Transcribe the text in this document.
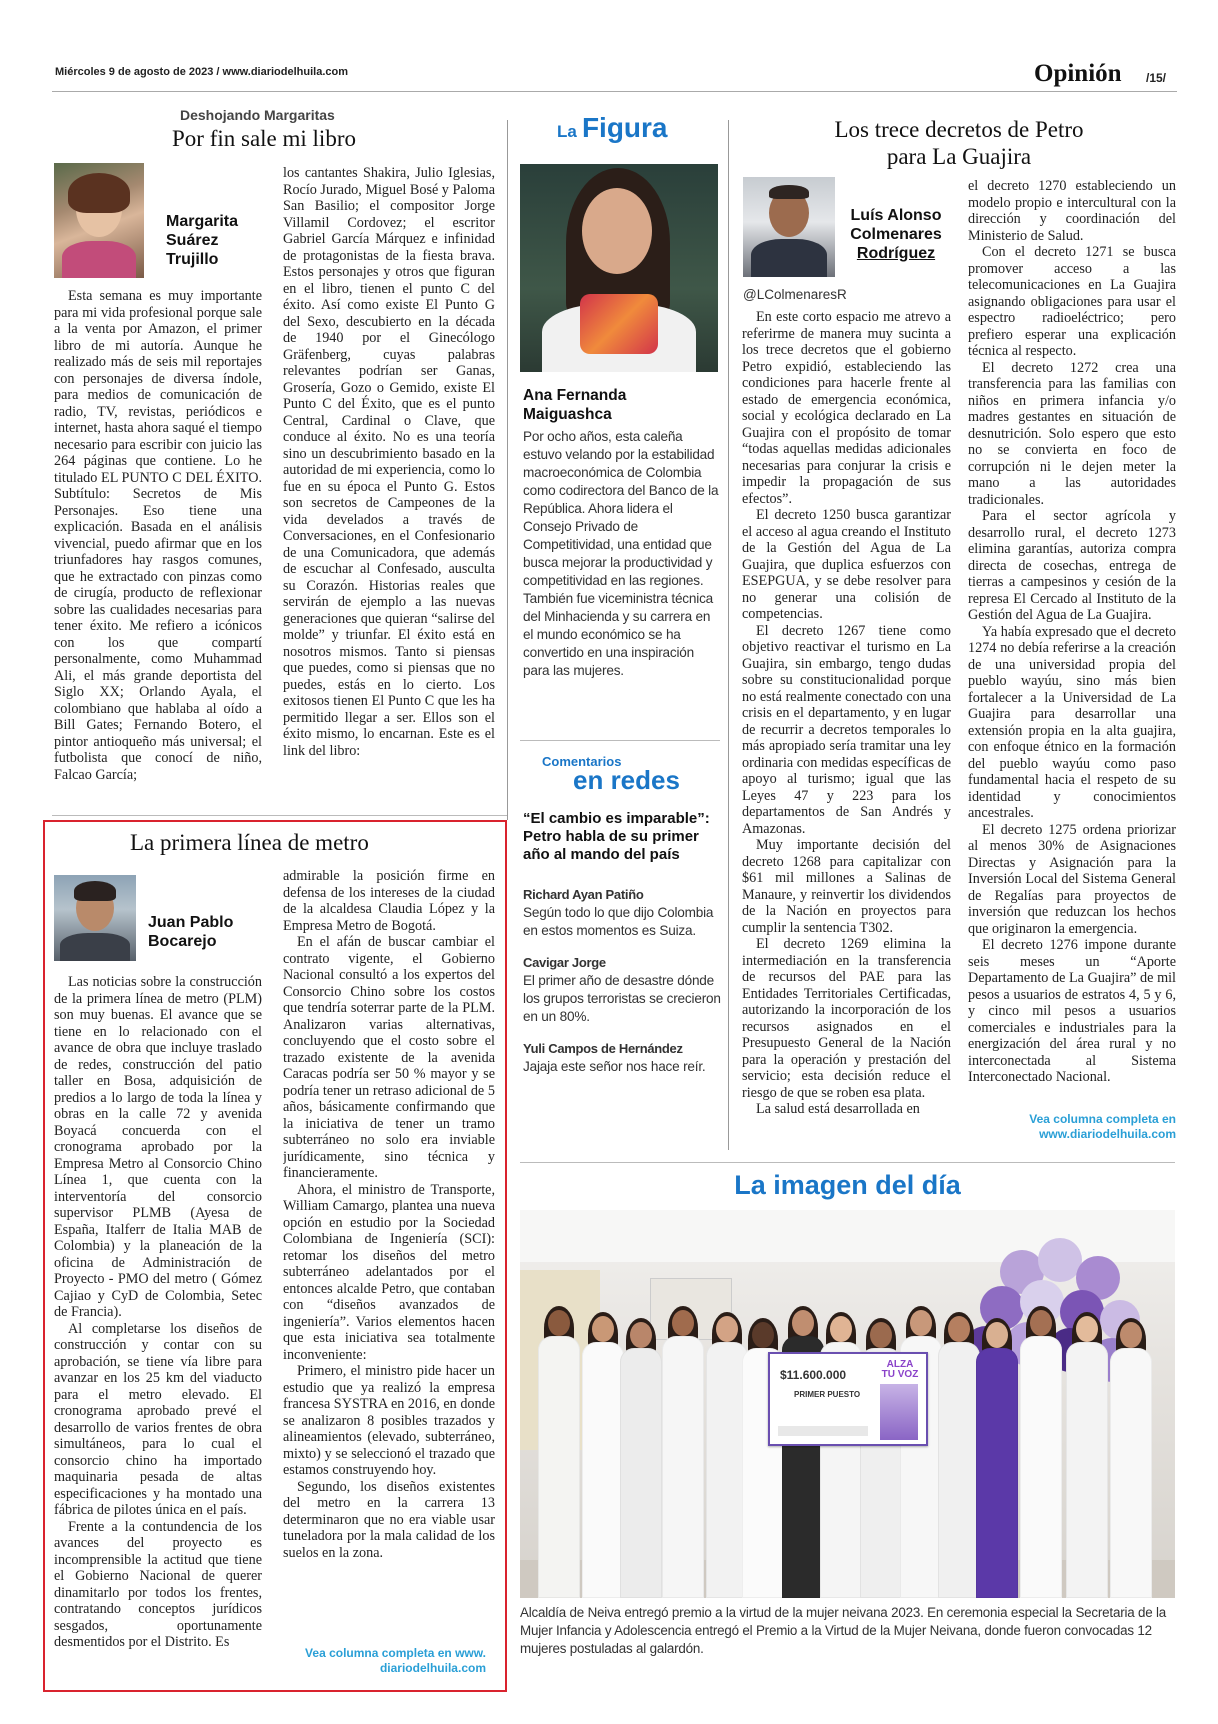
Miércoles 9 de agosto de 2023 / www.diariodelhuila.com	Opinión /15/
Deshojando Margaritas
Por fin sale mi libro
Margarita
Suárez
Trujillo

Esta semana es muy importante para mi vida profesional porque sale a la venta por Amazon, el primer libro de mi autoría. Aunque he realizado más de seis mil reportajes con personajes de diversa índole, para medios de comunicación de radio, TV, revistas, periódicos e internet, hasta ahora saqué el tiempo necesario para escribir con juicio las 264 páginas que contiene. Lo he titulado EL PUNTO C DEL ÉXITO. Subtítulo: Secretos de Mis Personajes. Eso tiene una explicación. Basada en el análisis vivencial, puedo afirmar que en los triunfadores hay rasgos comunes, que he extractado con pinzas como de cirugía, producto de reflexionar sobre las cualidades necesarias para tener éxito. Me refiero a icónicos con los que compartí personalmente, como Muhammad Ali, el más grande deportista del Siglo XX; Orlando Ayala, el colombiano que hablaba al oído a Bill Gates; Fernando Botero, el pintor antioqueño más universal; el futbolista que conocí de niño, Falcao García;

los cantantes Shakira, Julio Iglesias, Rocío Jurado, Miguel Bosé y Paloma San Basilio; el compositor Jorge Villamil Cordovez; el escritor Gabriel García Márquez e infinidad de protagonistas de la fiesta brava. Estos personajes y otros que figuran en el libro, tienen el punto C del éxito. Así como existe El Punto G del Sexo, descubierto en la década de 1940 por el Ginecólogo Gräfenberg, cuyas palabras relevantes podrían ser Ganas, Grosería, Gozo o Gemido, existe El Punto C del Éxito, que es el punto Central, Cardinal o Clave, que conduce al éxito. No es una teoría sino un descubrimiento basado en la autoridad de mi experiencia, como lo fue en su época el Punto G. Estos son secretos de Campeones de la vida develados a través de Conversaciones, en el Confesionario de una Comunicadora, que además de escuchar al Confesado, ausculta su Corazón. Historias reales que servirán de ejemplo a las nuevas generaciones que quieran “salirse del molde” y triunfar. El éxito está en nosotros mismos. Tanto si piensas que puedes, como si piensas que no puedes, estás en lo cierto. Los exitosos tienen El Punto C que les ha permitido llegar a ser. Ellos son el éxito mismo, lo encarnan. Este es el link del libro:

La primera línea de metro
Juan Pablo
Bocarejo

Las noticias sobre la construcción de la primera línea de metro (PLM) son muy buenas. El avance que se tiene en lo relacionado con el avance de obra que incluye traslado de redes, construcción del patio taller en Bosa, adquisición de predios a lo largo de toda la línea y obras en la calle 72 y avenida Boyacá concuerda con el cronograma aprobado por la Empresa Metro al Consorcio Chino Línea 1, que cuenta con la interventoría del consorcio supervisor PLMB (Ayesa de España, Italferr de Italia MAB de Colombia) y la planeación de la oficina de Administración de Proyecto - PMO del metro ( Gómez Cajiao y CyD de Colombia, Setec de Francia).

Al completarse los diseños de construcción y contar con su aprobación, se tiene vía libre para avanzar en los 25 km del viaducto para el metro elevado. El cronograma aprobado prevé el desarrollo de varios frentes de obra simultáneos, para lo cual el consorcio chino ha importado maquinaria pesada de altas especificaciones y ha montado una fábrica de pilotes única en el país.

Frente a la contundencia de los avances del proyecto es incomprensible la actitud que tiene el Gobierno Nacional de querer dinamitarlo por todos los frentes, contratando conceptos jurídicos sesgados, oportunamente desmentidos por el Distrito. Es

admirable la posición firme en defensa de los intereses de la ciudad de la alcaldesa Claudia López y la Empresa Metro de Bogotá.

En el afán de buscar cambiar el contrato vigente, el Gobierno Nacional consultó a los expertos del Consorcio Chino sobre los costos que tendría soterrar parte de la PLM. Analizaron varias alternativas, concluyendo que el costo sobre el trazado existente de la avenida Caracas podría ser 50 % mayor y se podría tener un retraso adicional de 5 años, básicamente confirmando que la iniciativa de tener un tramo subterráneo no solo era inviable jurídicamente, sino técnica y financieramente.

Ahora, el ministro de Transporte, William Camargo, plantea una nueva opción en estudio por la Sociedad Colombiana de Ingeniería (SCI): retomar los diseños del metro subterráneo adelantados por el entonces alcalde Petro, que contaban con “diseños avanzados de ingeniería”. Varios elementos hacen que esta iniciativa sea totalmente inconveniente:

Primero, el ministro pide hacer un estudio que ya realizó la empresa francesa SYSTRA en 2016, en donde se analizaron 8 posibles trazados y alineamientos (elevado, subterráneo, mixto) y se seleccionó el trazado que estamos construyendo hoy.

Segundo, los diseños existentes del metro en la carrera 13 determinaron que no era viable usar tuneladora por la mala calidad de los suelos en la zona.

Vea columna completa en www.
diariodelhuila.com
La Figura
Ana Fernanda
Maiguashca
Por ocho años, esta caleña estuvo velando por la estabilidad macroeconómica de Colombia como codirectora del Banco de la República. Ahora lidera el Consejo Privado de Competitividad, una entidad que busca mejorar la productividad y competitividad en las regiones. También fue viceministra técnica del Minhacienda y su carrera en el mundo económico se ha convertido en una inspiración para las mujeres.
Comentarios
en redes
“El cambio es imparable”: Petro habla de su primer año al mando del país
Richard Ayan Patiño
Según todo lo que dijo Colombia en estos momentos es Suiza.
Cavigar Jorge
El primer año de desastre dónde los grupos terroristas se crecieron en un 80%.
Yuli Campos de Hernández
Jajaja este señor nos hace reír.
Los trece decretos de Petro
para La Guajira
Luís Alonso
Colmenares
Rodríguez
@LColmenaresR

En este corto espacio me atrevo a referirme de manera muy sucinta a los trece decretos que el gobierno Petro expidió, estableciendo las condiciones para hacerle frente al estado de emergencia económica, social y ecológica declarado en La Guajira con el propósito de tomar “todas aquellas medidas adicionales necesarias para conjurar la crisis e impedir la propagación de sus efectos”.

El decreto 1250 busca garantizar el acceso al agua creando el Instituto de la Gestión del Agua de La Guajira, que duplica esfuerzos con ESEPGUA, y se debe resolver para no generar una colisión de competencias.

El decreto 1267 tiene como objetivo reactivar el turismo en La Guajira, sin embargo, tengo dudas sobre su constitucionalidad porque no está realmente conectado con una crisis en el departamento, y en lugar de recurrir a decretos temporales lo más apropiado sería tramitar una ley ordinaria con medidas específicas de apoyo al turismo; igual que las Leyes 47 y 223 para los departamentos de San Andrés y Amazonas.

Muy importante decisión del decreto 1268 para capitalizar con $61 mil millones a Salinas de Manaure, y reinvertir los dividendos de la Nación en proyectos para cumplir la sentencia T302.

El decreto 1269 elimina la intermediación en la transferencia de recursos del PAE para las Entidades Territoriales Certificadas, autorizando la incorporación de los recursos asignados en el Presupuesto General de la Nación para la operación y prestación del servicio; esta decisión reduce el riesgo de que se roben esa plata.

La salud está desarrollada en

el decreto 1270 estableciendo un modelo propio e intercultural con la dirección y coordinación del Ministerio de Salud.

Con el decreto 1271 se busca promover acceso a las telecomunicaciones en La Guajira asignando obligaciones para usar el espectro radioeléctrico; pero prefiero esperar una explicación técnica al respecto.

El decreto 1272 crea una transferencia para las familias con niños en primera infancia y/o madres gestantes en situación de desnutrición. Solo espero que esto no se convierta en foco de corrupción ni le dejen meter la mano a las autoridades tradicionales.

Para el sector agrícola y desarrollo rural, el decreto 1273 elimina garantías, autoriza compra directa de cosechas, entrega de tierras a campesinos y cesión de la represa El Cercado al Instituto de la Gestión del Agua de La Guajira.

Ya había expresado que el decreto 1274 no debía referirse a la creación de una universidad propia del pueblo wayúu, sino más bien fortalecer a la Universidad de La Guajira para desarrollar una extensión propia en la alta guajira, con enfoque étnico en la formación del pueblo wayúu como paso fundamental hacia el respeto de su identidad y conocimientos ancestrales.

El decreto 1275 ordena priorizar al menos 30% de Asignaciones Directas y Asignación para la Inversión Local del Sistema General de Regalías para proyectos de inversión que reduzcan los hechos que originaron la emergencia.

El decreto 1276 impone durante seis meses un “Aporte Departamento de La Guajira” de mil pesos a usuarios de estratos 4, 5 y 6, y cinco mil pesos a usuarios comerciales e industriales para la energización del área rural y no interconectada al Sistema Interconectado Nacional.

Vea columna completa en
www.diariodelhuila.com
La imagen del día
$11.600.000
PRIMER PUESTO
ALZA TU VOZ
Alcaldía de Neiva entregó premio a la virtud de la mujer neivana 2023. En ceremonia especial la Secretaria de la Mujer Infancia y Adolescencia entregó el Premio a la Virtud de la Mujer Neivana, donde fueron convocadas 12 mujeres postuladas al galardón.
